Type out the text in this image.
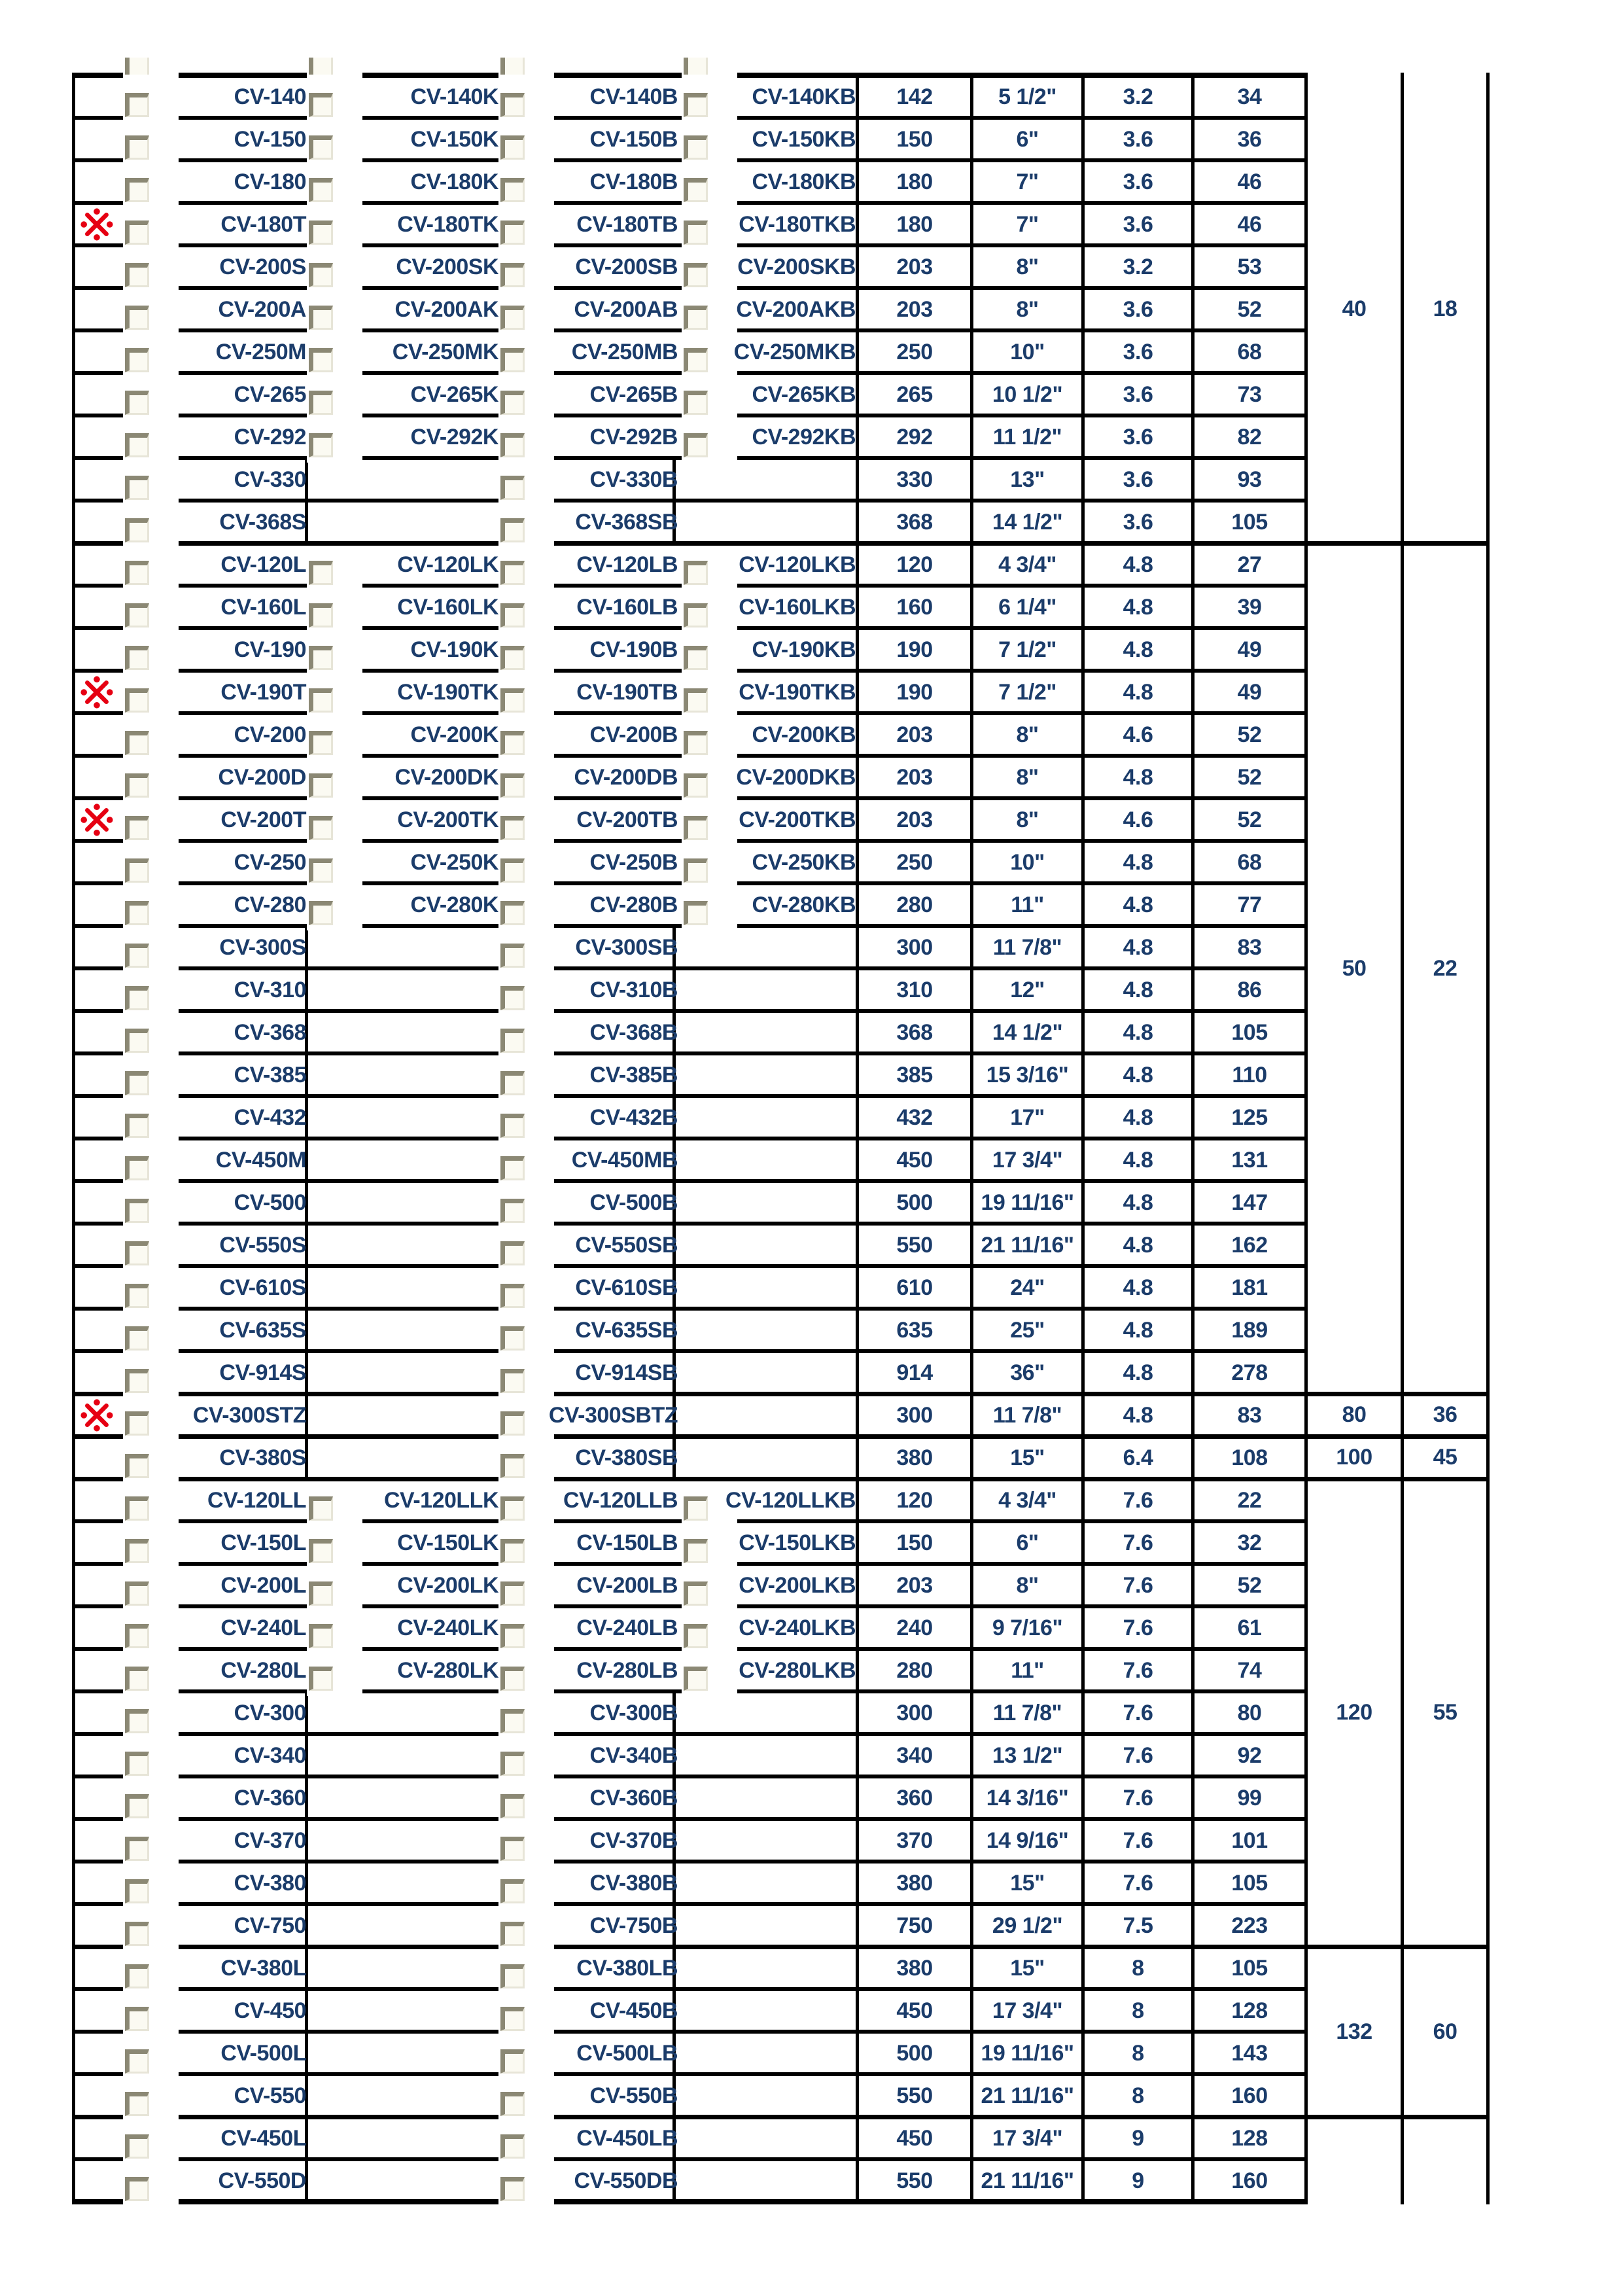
CV-140	CV-140K	CV-140B	CV-140KB	142	5 1/2"	3.2	34
CV-150	CV-150K	CV-150B	CV-150KB	150	6"	3.6	36
CV-180	CV-180K	CV-180B	CV-180KB	180	7"	3.6	46
CV-180T	CV-180TK	CV-180TB	CV-180TKB	180	7"	3.6	46
CV-200S	CV-200SK	CV-200SB	CV-200SKB	203	8"	3.2	53
CV-200A	CV-200AK	CV-200AB	CV-200AKB	203	8"	3.6	52
CV-250M	CV-250MK	CV-250MB	CV-250MKB	250	10"	3.6	68
CV-265	CV-265K	CV-265B	CV-265KB	265	10 1/2"	3.6	73
CV-292	CV-292K	CV-292B	CV-292KB	292	11 1/2"	3.6	82
CV-330	CV-330B	330	13"	3.6	93
CV-368S	CV-368SB	368	14 1/2"	3.6	105
CV-120L	CV-120LK	CV-120LB	CV-120LKB	120	4 3/4"	4.8	27
CV-160L	CV-160LK	CV-160LB	CV-160LKB	160	6 1/4"	4.8	39
CV-190	CV-190K	CV-190B	CV-190KB	190	7 1/2"	4.8	49
CV-190T	CV-190TK	CV-190TB	CV-190TKB	190	7 1/2"	4.8	49
CV-200	CV-200K	CV-200B	CV-200KB	203	8"	4.6	52
CV-200D	CV-200DK	CV-200DB	CV-200DKB	203	8"	4.8	52
CV-200T	CV-200TK	CV-200TB	CV-200TKB	203	8"	4.6	52
CV-250	CV-250K	CV-250B	CV-250KB	250	10"	4.8	68
CV-280	CV-280K	CV-280B	CV-280KB	280	11"	4.8	77
CV-300S	CV-300SB	300	11 7/8"	4.8	83
CV-310	CV-310B	310	12"	4.8	86
CV-368	CV-368B	368	14 1/2"	4.8	105
CV-385	CV-385B	385	15 3/16"	4.8	110
CV-432	CV-432B	432	17"	4.8	125
CV-450M	CV-450MB	450	17 3/4"	4.8	131
CV-500	CV-500B	500	19 11/16"	4.8	147
CV-550S	CV-550SB	550	21 11/16"	4.8	162
CV-610S	CV-610SB	610	24"	4.8	181
CV-635S	CV-635SB	635	25"	4.8	189
CV-914S	CV-914SB	914	36"	4.8	278
CV-300STZ	CV-300SBTZ	300	11 7/8"	4.8	83
CV-380S	CV-380SB	380	15"	6.4	108
CV-120LL	CV-120LLK	CV-120LLB	CV-120LLKB	120	4 3/4"	7.6	22
CV-150L	CV-150LK	CV-150LB	CV-150LKB	150	6"	7.6	32
CV-200L	CV-200LK	CV-200LB	CV-200LKB	203	8"	7.6	52
CV-240L	CV-240LK	CV-240LB	CV-240LKB	240	9 7/16"	7.6	61
CV-280L	CV-280LK	CV-280LB	CV-280LKB	280	11"	7.6	74
CV-300	CV-300B	300	11 7/8"	7.6	80
CV-340	CV-340B	340	13 1/2"	7.6	92
CV-360	CV-360B	360	14 3/16"	7.6	99
CV-370	CV-370B	370	14 9/16"	7.6	101
CV-380	CV-380B	380	15"	7.6	105
CV-750	CV-750B	750	29 1/2"	7.5	223
CV-380L	CV-380LB	380	15"	8	105
CV-450	CV-450B	450	17 3/4"	8	128
CV-500L	CV-500LB	500	19 11/16"	8	143
CV-550	CV-550B	550	21 11/16"	8	160
CV-450L	CV-450LB	450	17 3/4"	9	128
CV-550D	CV-550DB	550	21 11/16"	9	160
40	18
50	22
80	36
100	45
120	55
132	60
